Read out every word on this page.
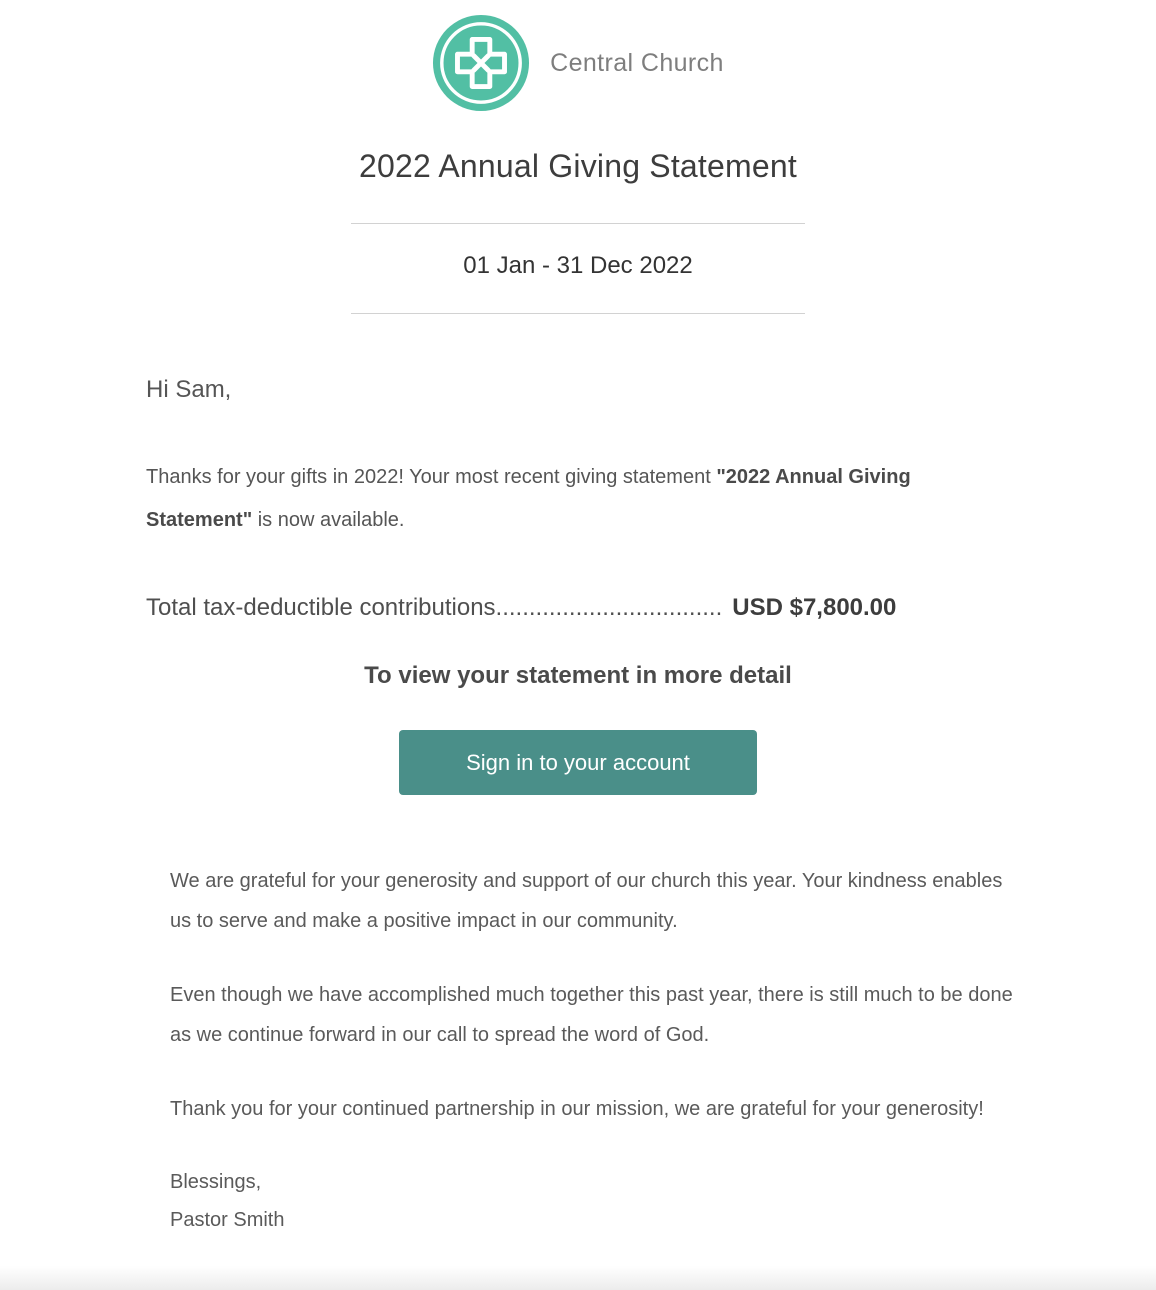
Central Church
2022 Annual Giving Statement
01 Jan - 31 Dec 2022
Hi Sam,
Thanks for your gifts in 2022! Your most recent giving statement "2022 Annual Giving Statement" is now available.
Total tax-deductible contributions.................................. USD $7,800.00
To view your statement in more detail
Sign in to your account

We are grateful for your generosity and support of our church this year. Your kindness enables us to serve and make a positive impact in our community.

Even though we have accomplished much together this past year, there is still much to be done as we continue forward in our call to spread the word of God.

Thank you for your continued partnership in our mission, we are grateful for your generosity!

Blessings,
Pastor Smith
